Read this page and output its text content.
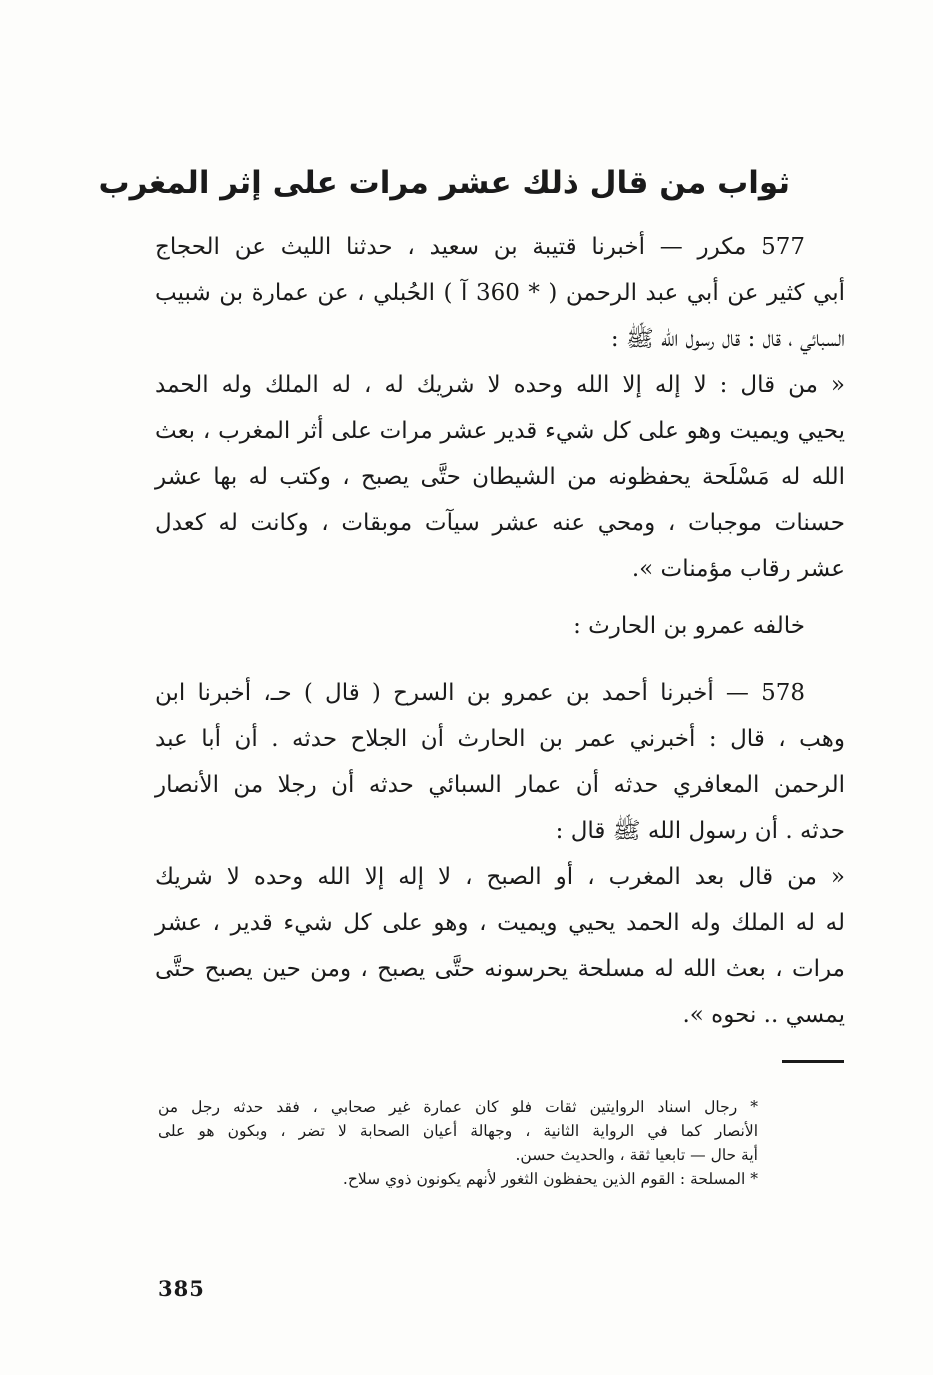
ثواب من قال ذلك عشر مرات على إثر المغرب
577 مكرر — أخبرنا قتيبة بن سعيد ، حدثنا الليث عن الحجاج
أبي كثير عن أبي عبد الرحمن ( * 360 آ ) الحُبلي ، عن عمارة بن شبيب
السبائي ، قال : قال رسول الله ﷺ :
« من قال : لا إله إلا الله وحده لا شريك له ، له الملك وله الحمد
يحيي ويميت وهو على كل شيء قدير عشر مرات على أثر المغرب ، بعث
الله له مَسْلَحة يحفظونه من الشيطان حتَّى يصبح ، وكتب له بها عشر
حسنات موجبات ، ومحي عنه عشر سيآت موبقات ، وكانت له كعدل
عشر رقاب مؤمنات ».
خالفه عمرو بن الحارث :
578 — أخبرنا أحمد بن عمرو بن السرح ( قال ) حـ، أخبرنا ابن
وهب ، قال : أخبرني عمر بن الحارث أن الجلاح حدثه . أن أبا عبد
الرحمن المعافري حدثه أن عمار السبائي حدثه أن رجلا من الأنصار
حدثه . أن رسول الله ﷺ قال :
« من قال بعد المغرب ، أو الصبح ، لا إله إلا الله وحده لا شريك
له له الملك وله الحمد يحيي ويميت ، وهو على كل شيء قدير ، عشر
مرات ، بعث الله له مسلحة يحرسونه حتَّى يصبح ، ومن حين يصبح حتَّى
يمسي .. نحوه ».
* رجال اسناد الروايتين ثقات فلو كان عمارة غير صحابي ، فقد حدثه رجل من
الأنصار كما في الرواية الثانية ، وجهالة أعيان الصحابة لا تضر ، وبكون هو على
أية حال — تابعيا ثقة ، والحديث حسن.
* المسلحة : القوم الذين يحفظون الثغور لأنهم يكونون ذوي سلاح.
385
